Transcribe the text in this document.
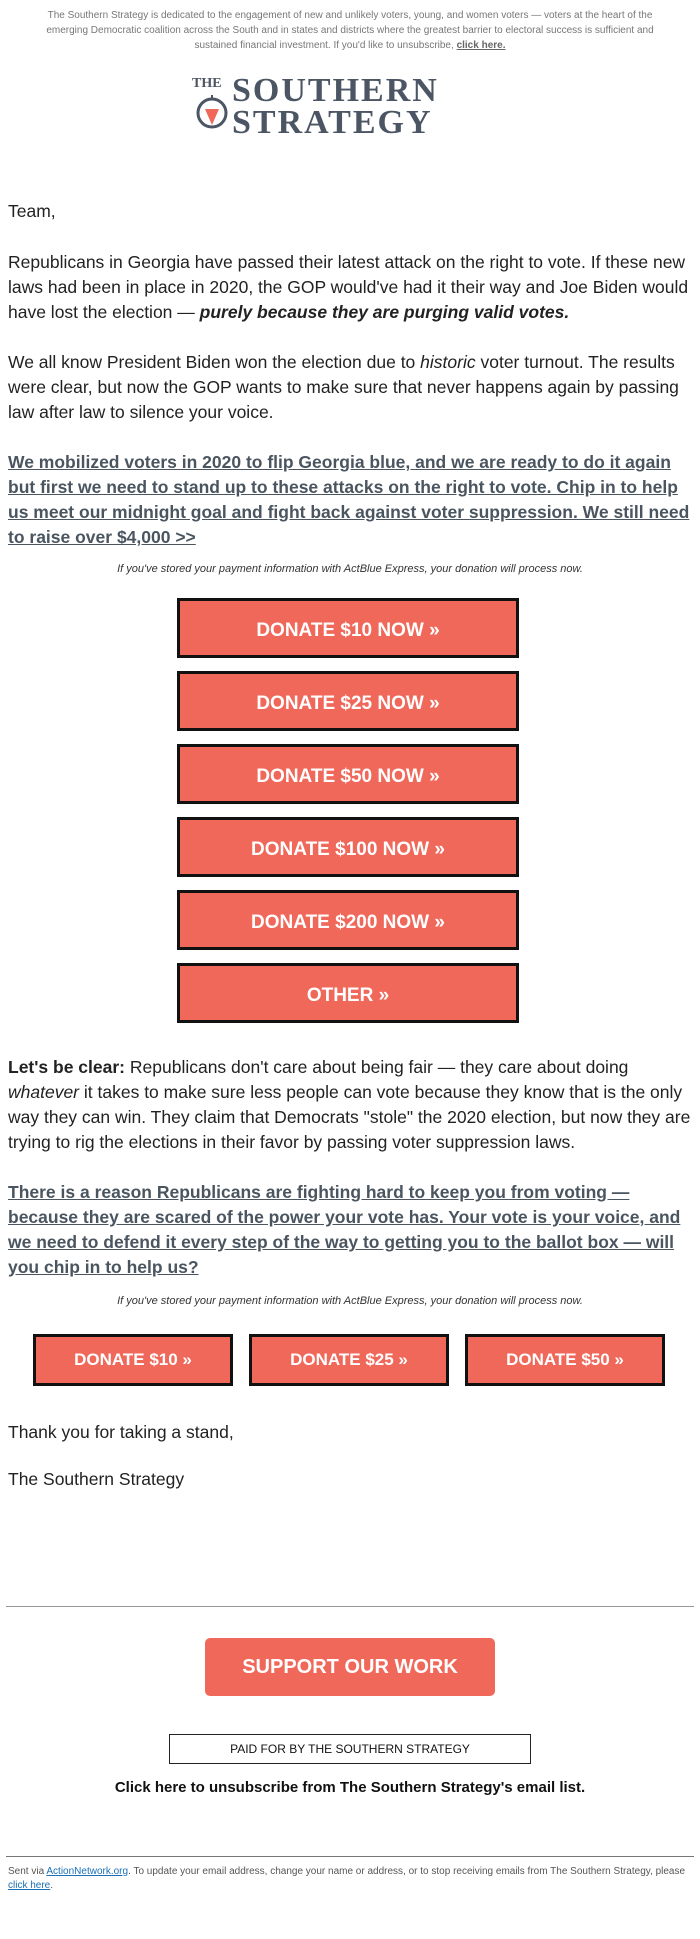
The Southern Strategy is dedicated to the engagement of new and unlikely voters, young, and women voters — voters at the heart of the emerging Democratic coalition across the South and in states and districts where the greatest barrier to electoral success is sufficient and sustained financial investment. If you'd like to unsubscribe, click here.
THE SOUTHERN
STRATEGY
Team,
Republicans in Georgia have passed their latest attack on the right to vote. If these new laws had been in place in 2020, the GOP would've had it their way and Joe Biden would have lost the election — purely because they are purging valid votes.
We all know President Biden won the election due to historic voter turnout. The results were clear, but now the GOP wants to make sure that never happens again by passing law after law to silence your voice.
We mobilized voters in 2020 to flip Georgia blue, and we are ready to do it again but first we need to stand up to these attacks on the right to vote. Chip in to help us meet our midnight goal and fight back against voter suppression. We still need to raise over $4,000 >>
If you've stored your payment information with ActBlue Express, your donation will process now.
DONATE $10 NOW »
DONATE $25 NOW »
DONATE $50 NOW »
DONATE $100 NOW »
DONATE $200 NOW »
OTHER »
Let's be clear: Republicans don't care about being fair — they care about doing whatever it takes to make sure less people can vote because they know that is the only way they can win. They claim that Democrats "stole" the 2020 election, but now they are trying to rig the elections in their favor by passing voter suppression laws.
There is a reason Republicans are fighting hard to keep you from voting — because they are scared of the power your vote has. Your vote is your voice, and we need to defend it every step of the way to getting you to the ballot box — will you chip in to help us?
If you've stored your payment information with ActBlue Express, your donation will process now.
DONATE $10 »	DONATE $25 »	DONATE $50 »
Thank you for taking a stand,
The Southern Strategy
SUPPORT OUR WORK
PAID FOR BY THE SOUTHERN STRATEGY
Click here to unsubscribe from The Southern Strategy's email list.
Sent via ActionNetwork.org. To update your email address, change your name or address, or to stop receiving emails from The Southern Strategy, please click here.
